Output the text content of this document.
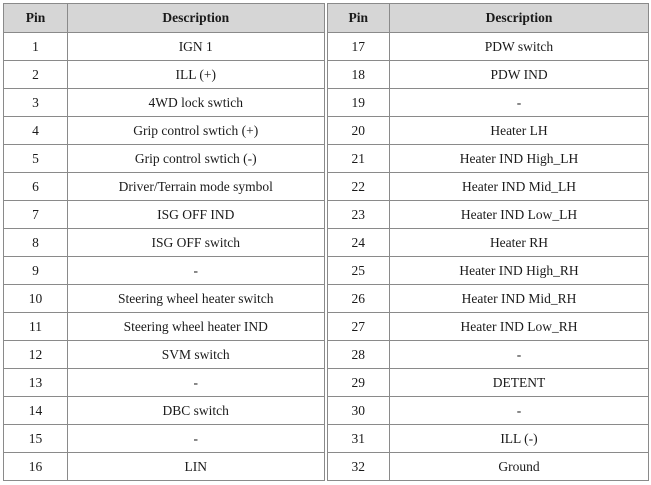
Pin	Description	Pin	Description
1	IGN 1	17	PDW switch
2	ILL (+)	18	PDW IND
3	4WD lock swtich	19	-
4	Grip control swtich (+)	20	Heater LH
5	Grip control swtich (-)	21	Heater IND High_LH
6	Driver/Terrain mode symbol	22	Heater IND Mid_LH
7	ISG OFF IND	23	Heater IND Low_LH
8	ISG OFF switch	24	Heater RH
9	-	25	Heater IND High_RH
10	Steering wheel heater switch	26	Heater IND Mid_RH
11	Steering wheel heater IND	27	Heater IND Low_RH
12	SVM switch	28	-
13	-	29	DETENT
14	DBC switch	30	-
15	-	31	ILL (-)
16	LIN	32	Ground
